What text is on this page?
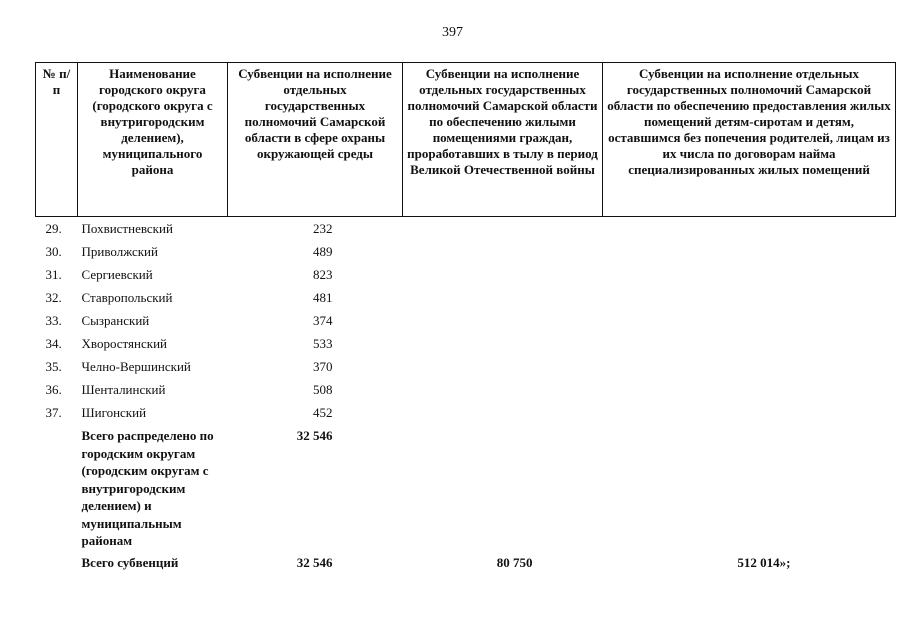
397
№ п/п	Наименование городского округа (городского округа с внутригородским делением), муниципального района	Субвенции на исполнение отдельных государственных полномочий Самарской области в сфере охраны окружающей среды	Субвенции на исполнение отдельных государственных полномочий Самарской области по обеспечению жилыми помещениями граждан, проработавших в тылу в период Великой Отечественной войны	Субвенции на исполнение отдельных государственных полномочий Самарской области по обеспечению предоставления жилых помещений детям-сиротам и детям, оставшимся без попечения родителей, лицам из их числа по договорам найма специализированных жилых помещений
29.	Похвистневский	232		
30.	Приволжский	489		
31.	Сергиевский	823		
32.	Ставропольский	481		
33.	Сызранский	374		
34.	Хворостянский	533		
35.	Челно-Вершинский	370		
36.	Шенталинский	508		
37.	Шигонский	452		
	Всего распределено по городским округам (городским округам с внутригородским делением) и муниципальным районам	32 546		
	Всего субвенций	32 546	80 750	512 014»;
